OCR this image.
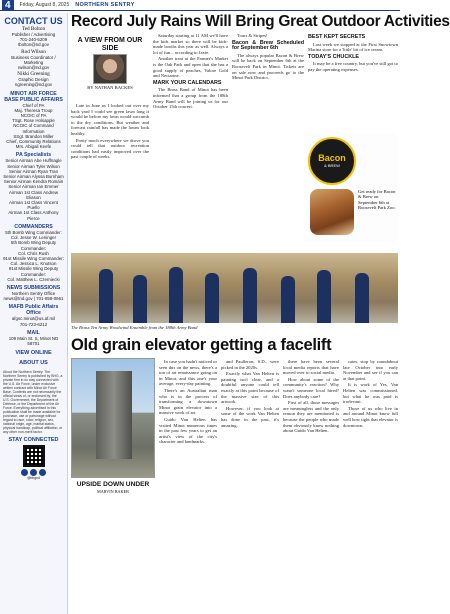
4	Friday, August 8, 2025 NORTHERN SENTRY
CONTACT US
Ted Bolton
Publisher / Advertising
701-240-5209
tbolton@nd.gov
Rod Wilson
Business Coordinator / Marketing
rwilson@nd.gov
Nikki Greening
Graphic Design
ngreening@nd.gov
MINOT AIR FORCE BASE PUBLIC AFFAIRS
Chief of PA
Maj. Theresa Troup
NCOIC of PA
TSgt. Rose Holsapple
NCOIC of Command Information
SSgt. Brandon Miller
Chief, Community Relations
Mrs. Abigail Keefe
PA Specialists
Senior Airman Abe Huffnagle
Senior Airman Tyler Wilson
Senior Airman Ryan Tran
Senior Airman Alyssa Burnham
Senior Airman Kendra Romain
Senior Airman Ian Emmer
Airman 1st Class Andrew Eliason
Airman 1st Class Vincent Puello
Airman 1st Class Anthony Pierce
COMMANDERS
5th Bomb Wing Commander:
Col. Jesse W. Leninger
5th Bomb Wing Deputy Commander:
Col. Chris Rush
91st Missile Wing Commander:
Col. Jessica L. Knutson
91st Missile Wing Deputy Commander:
Col. Matthew L. Czerniecki
NEWS SUBMISSIONS
Northern Sentry Office
news@tnd.gov | 701-858-0661
MAFB Public Affairs Office
afgsc.minot@us.af.mil
701-723-6212
MAIL
109 Main St. S, Minot ND 58701
VIEW ONLINE
ABOUT US
About the Northern Sentry: The Northern Sentry is published by BHG, a private firm in no way connected with the U.S. Air Force, under exclusive written contract with Minot Air Force Base. Contents are not necessarily the official views of, or endorsed by, the U.S. Government, the Department of Defense, or the Department of the Air Force. Everything advertised in this publication shall be made available for purchase, use or patronage without regard to race, color, religion, sex, national origin, age, marital status, physical handicap, political affiliation, or any other non-merit factor.
STAY CONNECTED
@bhgnd
Record July Rains Will Bring Great Outdoor Activities
A VIEW FROM OUR SIDE
BY NATHAN BACKES

Late in June as I looked out over my back yard I could see green lawn long it would be before my lawn would succumb to the dry conditions. But weather and forecast rainfall has made the lawns look healthy.

Pretty much everywhere we drove you could tell that outdoor recreation conditions had vastly improved over the past couple of weeks.

Saturday starting at 11 AM we'll have the kids market so there will be kids-made booths this year as well. Always a lot of fun... according to Jaxie.

Another treat at the Farmer's Market is the Oak Park and open that she has a good supply of peaches, Valore Gold and Nectarine.

MARK YOUR CALENDARS

The Brass Band of Minot has been informed that a group from the 188th Army Band will be joining us for our October 15th concert.

Tours & Stripes!

Bacon & Brew Scheduled for September 6th

The always popular Bacon & Brew will be back on September 6th at the Roosevelt Park in Minot. Tickets are on sale now and proceeds go to the Minot Park District.

BEST KEPT SECRETS

Last week we stopped at the First Snowtown Marina store for a 'little' bit of ice cream.

TODAY'S CHUCKLE

It may be a free country, but you've still got to pay the operating expenses.

Bacon
& BREW
Get ready for Bacon & Brew on September 6th at Roosevelt Park Zoo.
The Brass Ten Army Woodwind Ensemble from the 188th Army Band
Old grain elevator getting a facelift
UPSIDE DOWN UNDER
MARVIN BAKER

In case you hadn't noticed or seen this on the news, there's a ton of art renaissance going on in Minot, and this one's your average, every-day painting.

There's an Australian man who is in the process of transforming a downtown Minot grain elevator into a massive work of art.

Guido Van Helten has visited Minot numerous times in the past few years to get an artist's view of the city's character and landmarks.

and Paulleron, S.D., were picked in the 2020s.

Exactly what Van Helten is painting isn't clear, and a doubtful anyone could tell exactly at this point because of the massive size of this artwork.

However, if you look at some of the work Van Helten has done in the past, it's amazing.

there have been several local media reports that have moved over to social media.

How about some of the community's reaction? Why wasn't someone local hired? Does anybody care?

First of all, those messages are meaningless and the only reason they are mentioned is because the people who made them obviously know nothing about Guido Van Helten.

cates, stop by roundabout late October into early November and see if you can at that point.

It is work of Yes, Van Helten was commissioned, but what he was paid is irrelevant.

Those of us who live in and around Minot know full well how tight that elevator is downtown.
